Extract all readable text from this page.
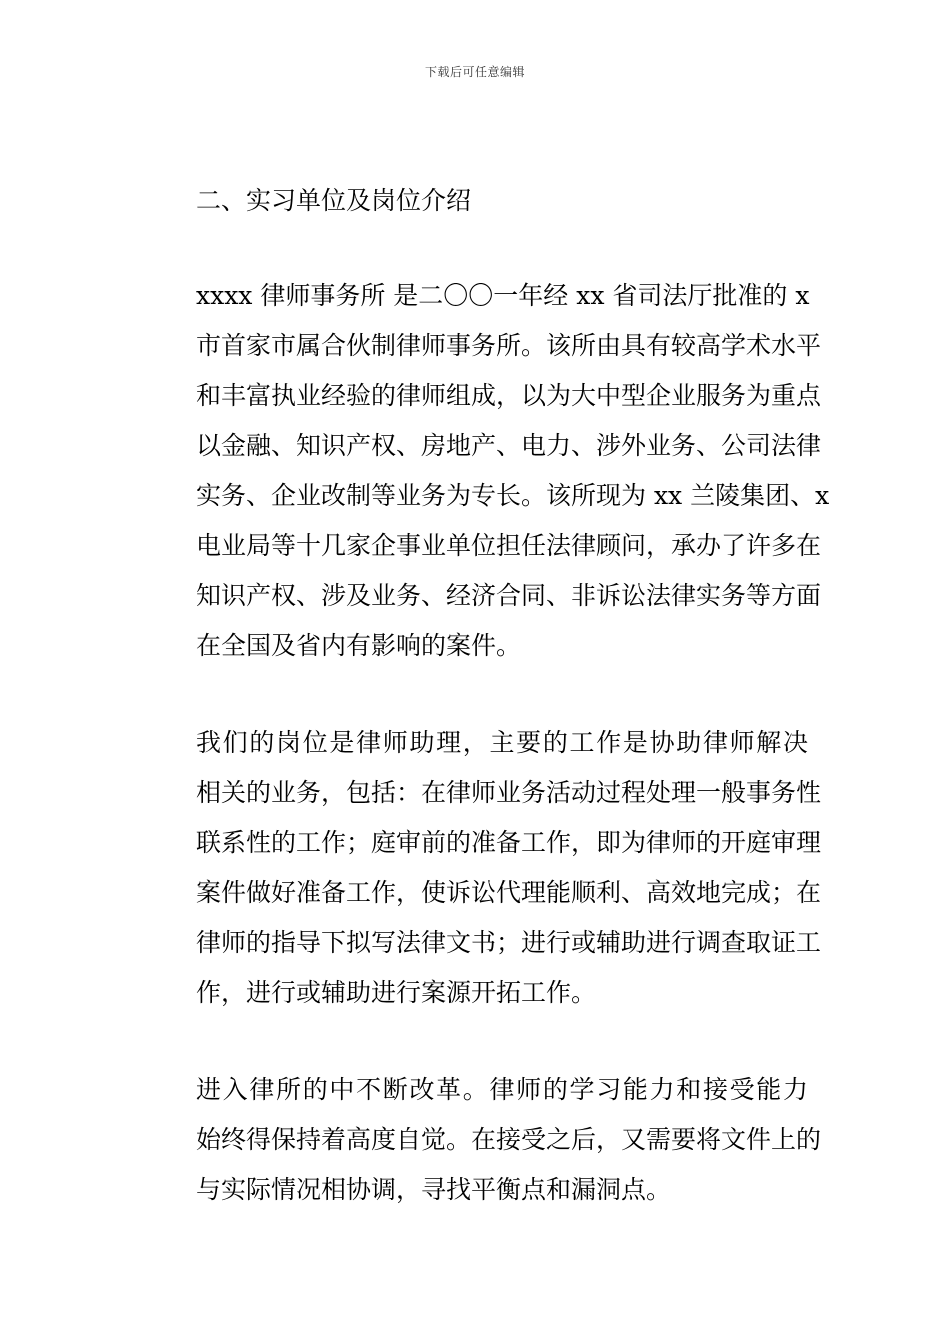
下载后可任意编辑

二、实习单位及岗位介绍

xxxx 律师事务所 是二〇〇一年经 xx 省司法厅批准的 x
市首家市属合伙制律师事务所。该所由具有较高学术水平
和丰富执业经验的律师组成，以为大中型企业服务为重点
以金融、知识产权、房地产、电力、涉外业务、公司法律
实务、企业改制等业务为专长。该所现为 xx 兰陵集团、x
电业局等十几家企事业单位担任法律顾问，承办了许多在
知识产权、涉及业务、经济合同、非诉讼法律实务等方面
在全国及省内有影响的案件。
我们的岗位是律师助理，主要的工作是协助律师解决
相关的业务，包括：在律师业务活动过程处理一般事务性
联系性的工作；庭审前的准备工作，即为律师的开庭审理
案件做好准备工作，使诉讼代理能顺利、高效地完成；在
律师的指导下拟写法律文书；进行或辅助进行调查取证工
作，进行或辅助进行案源开拓工作。
进入律所的中不断改革。律师的学习能力和接受能力
始终得保持着高度自觉。在接受之后，又需要将文件上的
与实际情况相协调，寻找平衡点和漏洞点。
